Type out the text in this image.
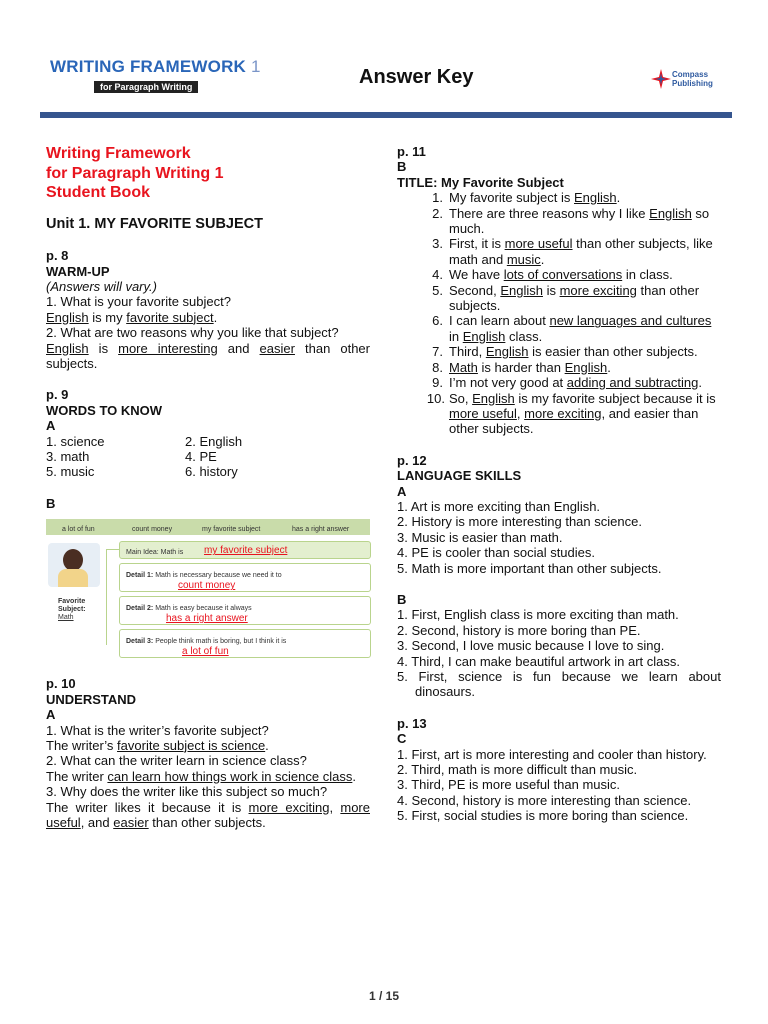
WRITING FRAMEWORK 1
for Paragraph Writing	Answer Key	Compass
Publishing

Writing Framework

for Paragraph Writing 1

Student Book

Unit 1. MY FAVORITE SUBJECT

p. 8

WARM-UP

(Answers will vary.)

1. What is your favorite subject?

English is my favorite subject.

2. What are two reasons why you like that subject?

English is more interesting and easier than other subjects.

p. 9

WORDS TO KNOW

A

1. science	2. English
3. math	4. PE
5. music	6. history

B

a lot of fun	count money	my favorite subject	has a right answer
Favorite
Subject:
Math
Main Idea: Math is my favorite subject
Detail 1: Math is necessary because we need it to
count money
Detail 2: Math is easy because it always
has a right answer
Detail 3: People think math is boring, but I think it is
a lot of fun

p. 10

UNDERSTAND

A

1. What is the writer’s favorite subject?

The writer’s favorite subject is science.

2. What can the writer learn in science class?

The writer can learn how things work in science class.

3. Why does the writer like this subject so much?

The writer likes it because it is more exciting, more useful, and easier than other subjects.

p. 11

B

TITLE: My Favorite Subject

1. My favorite subject is English.
2. There are three reasons why I like English so much.
3. First, it is more useful than other subjects, like math and music.
4. We have lots of conversations in class.
5. Second, English is more exciting than other subjects.
6. I can learn about new languages and cultures in English class.
7. Third, English is easier than other subjects.
8. Math is harder than English.
9. I’m not very good at adding and subtracting.
10. So, English is my favorite subject because it is more useful, more exciting, and easier than other subjects.

p. 12

LANGUAGE SKILLS

A

1. Art is more exciting than English.

2. History is more interesting than science.

3. Music is easier than math.

4. PE is cooler than social studies.

5. Math is more important than other subjects.

B

1. First, English class is more exciting than math.

2. Second, history is more boring than PE.

3. Second, I love music because I love to sing.

4. Third, I can make beautiful artwork in art class.

5. First, science is fun because we learn about dinosaurs.

p. 13

C

1. First, art is more interesting and cooler than history.

2. Third, math is more difficult than music.

3. Third, PE is more useful than music.

4. Second, history is more interesting than science.

5. First, social studies is more boring than science.

1 / 15
